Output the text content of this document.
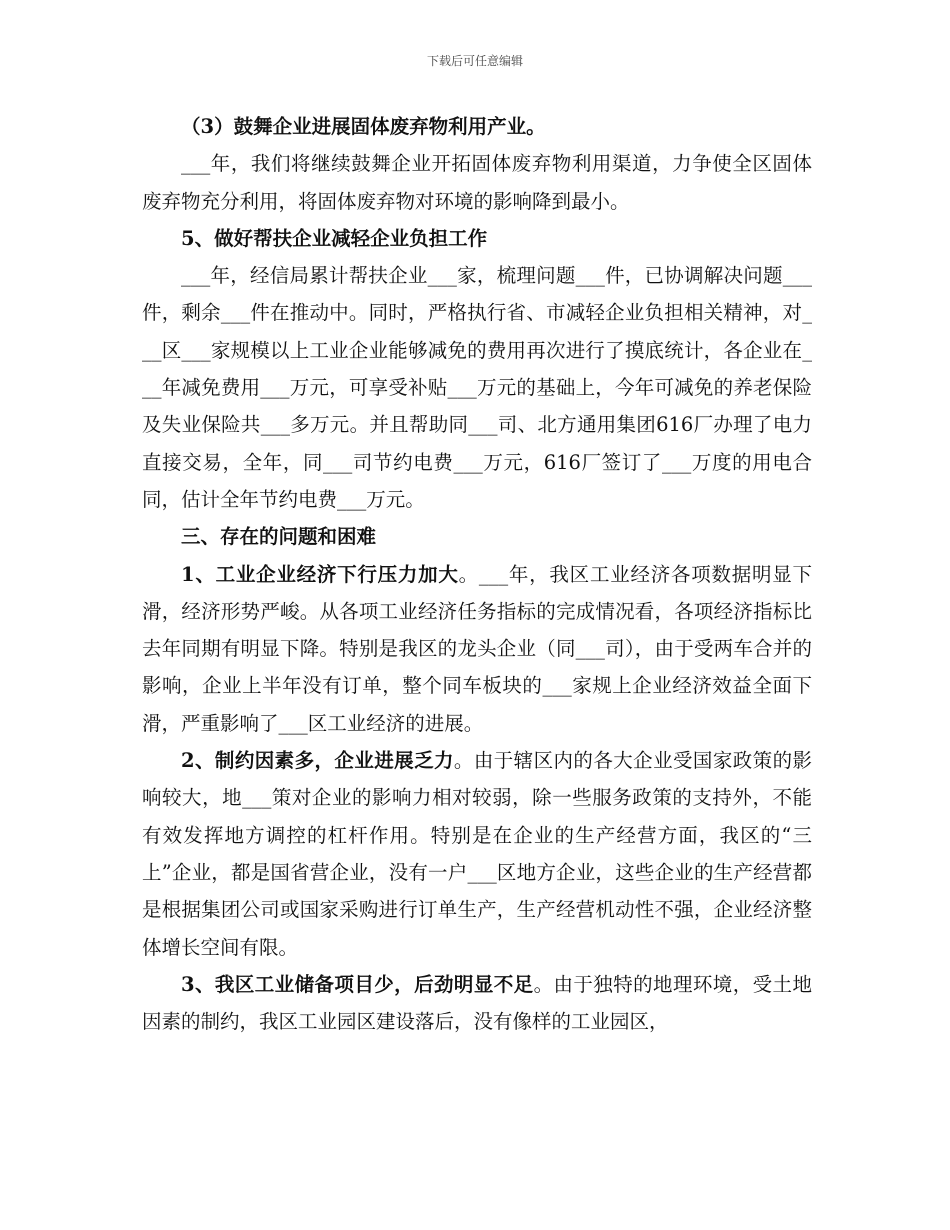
下载后可任意编辑

（3）鼓舞企业进展固体废弃物利用产业。

___年，我们将继续鼓舞企业开拓固体废弃物利用渠道，力争使全区固体废弃物充分利用，将固体废弃物对环境的影响降到最小。

5、做好帮扶企业减轻企业负担工作

___年，经信局累计帮扶企业___家，梳理问题___件，已协调解决问题___件，剩余___件在推动中。同时，严格执行省、市减轻企业负担相关精神，对___区___家规模以上工业企业能够减免的费用再次进行了摸底统计，各企业在___年减免费用___万元，可享受补贴___万元的基础上，今年可减免的养老保险及失业保险共___多万元。并且帮助同___司、北方通用集团616厂办理了电力直接交易，全年，同___司节约电费___万元，616厂签订了___万度的用电合同，估计全年节约电费___万元。

三、存在的问题和困难

1、工业企业经济下行压力加大。___年，我区工业经济各项数据明显下滑，经济形势严峻。从各项工业经济任务指标的完成情况看，各项经济指标比去年同期有明显下降。特别是我区的龙头企业（同___司），由于受两车合并的影响，企业上半年没有订单，整个同车板块的___家规上企业经济效益全面下滑，严重影响了___区工业经济的进展。

2、制约因素多，企业进展乏力。由于辖区内的各大企业受国家政策的影响较大，地___策对企业的影响力相对较弱，除一些服务政策的支持外，不能有效发挥地方调控的杠杆作用。特别是在企业的生产经营方面，我区的“三上”企业，都是国省营企业，没有一户___区地方企业，这些企业的生产经营都是根据集团公司或国家采购进行订单生产，生产经营机动性不强，企业经济整体增长空间有限。

3、我区工业储备项目少，后劲明显不足。由于独特的地理环境，受土地因素的制约，我区工业园区建设落后，没有像样的工业园区，
